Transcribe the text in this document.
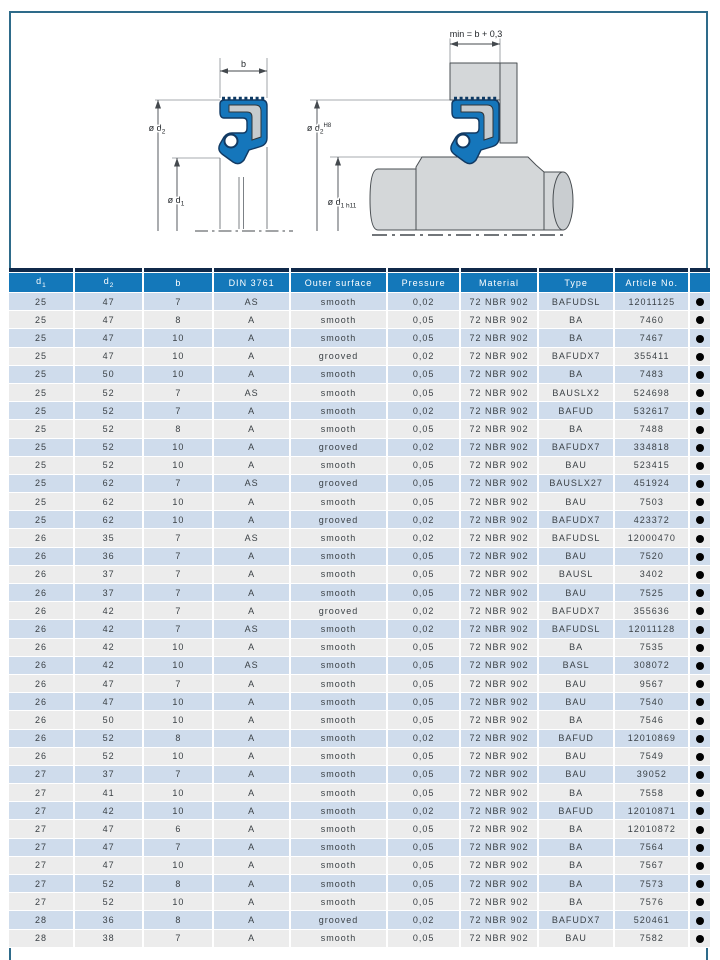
b
ø $d_2$
ø $d_1$
min = b + 0,3
ø $d_2^{H8}$
ø $d_{1 h11}$

$d_1$	$d_2$	b	DIN 3761	Outer surface	Pressure	Material	Type	Article No.	
25	47	7	AS	smooth	0,02	72 NBR 902	BAFUDSL	12011125	
25	47	8	A	smooth	0,05	72 NBR 902	BA	7460	
25	47	10	A	smooth	0,05	72 NBR 902	BA	7467	
25	47	10	A	grooved	0,02	72 NBR 902	BAFUDX7	355411	
25	50	10	A	smooth	0,05	72 NBR 902	BA	7483	
25	52	7	AS	smooth	0,05	72 NBR 902	BAUSLX2	524698	
25	52	7	A	smooth	0,02	72 NBR 902	BAFUD	532617	
25	52	8	A	smooth	0,05	72 NBR 902	BA	7488	
25	52	10	A	grooved	0,02	72 NBR 902	BAFUDX7	334818	
25	52	10	A	smooth	0,05	72 NBR 902	BAU	523415	
25	62	7	AS	grooved	0,05	72 NBR 902	BAUSLX27	451924	
25	62	10	A	smooth	0,05	72 NBR 902	BAU	7503	
25	62	10	A	grooved	0,02	72 NBR 902	BAFUDX7	423372	
26	35	7	AS	smooth	0,02	72 NBR 902	BAFUDSL	12000470	
26	36	7	A	smooth	0,05	72 NBR 902	BAU	7520	
26	37	7	A	smooth	0,05	72 NBR 902	BAUSL	3402	
26	37	7	A	smooth	0,05	72 NBR 902	BAU	7525	
26	42	7	A	grooved	0,02	72 NBR 902	BAFUDX7	355636	
26	42	7	AS	smooth	0,02	72 NBR 902	BAFUDSL	12011128	
26	42	10	A	smooth	0,05	72 NBR 902	BA	7535	
26	42	10	AS	smooth	0,05	72 NBR 902	BASL	308072	
26	47	7	A	smooth	0,05	72 NBR 902	BAU	9567	
26	47	10	A	smooth	0,05	72 NBR 902	BAU	7540	
26	50	10	A	smooth	0,05	72 NBR 902	BA	7546	
26	52	8	A	smooth	0,02	72 NBR 902	BAFUD	12010869	
26	52	10	A	smooth	0,05	72 NBR 902	BAU	7549	
27	37	7	A	smooth	0,05	72 NBR 902	BAU	39052	
27	41	10	A	smooth	0,05	72 NBR 902	BA	7558	
27	42	10	A	smooth	0,02	72 NBR 902	BAFUD	12010871	
27	47	6	A	smooth	0,05	72 NBR 902	BA	12010872	
27	47	7	A	smooth	0,05	72 NBR 902	BA	7564	
27	47	10	A	smooth	0,05	72 NBR 902	BA	7567	
27	52	8	A	smooth	0,05	72 NBR 902	BA	7573	
27	52	10	A	smooth	0,05	72 NBR 902	BA	7576	
28	36	8	A	grooved	0,02	72 NBR 902	BAFUDX7	520461	
28	38	7	A	smooth	0,05	72 NBR 902	BAU	7582	
